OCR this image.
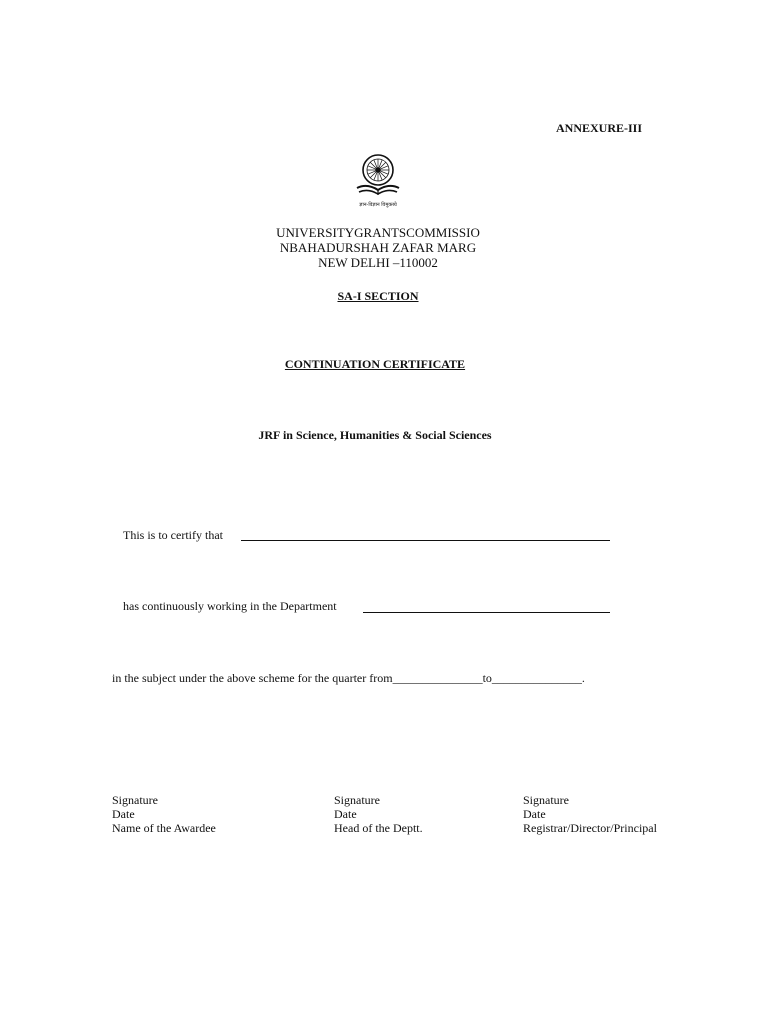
ANNEXURE-III
ज्ञान-विज्ञान विमुक्तये
UNIVERSITYGRANTSCOMMISSIO
NBAHADURSHAH ZAFAR MARG
NEW DELHI –110002
SA-I SECTION
CONTINUATION CERTIFICATE
JRF in Science, Humanities & Social Sciences
This is to certify that
has continuously working in the Department
in the subject under the above scheme for the quarter from_______________to_______________.
Signature
Date
Name of the Awardee
Signature
Date
Head of the Deptt.
Signature
Date
Registrar/Director/Principal
